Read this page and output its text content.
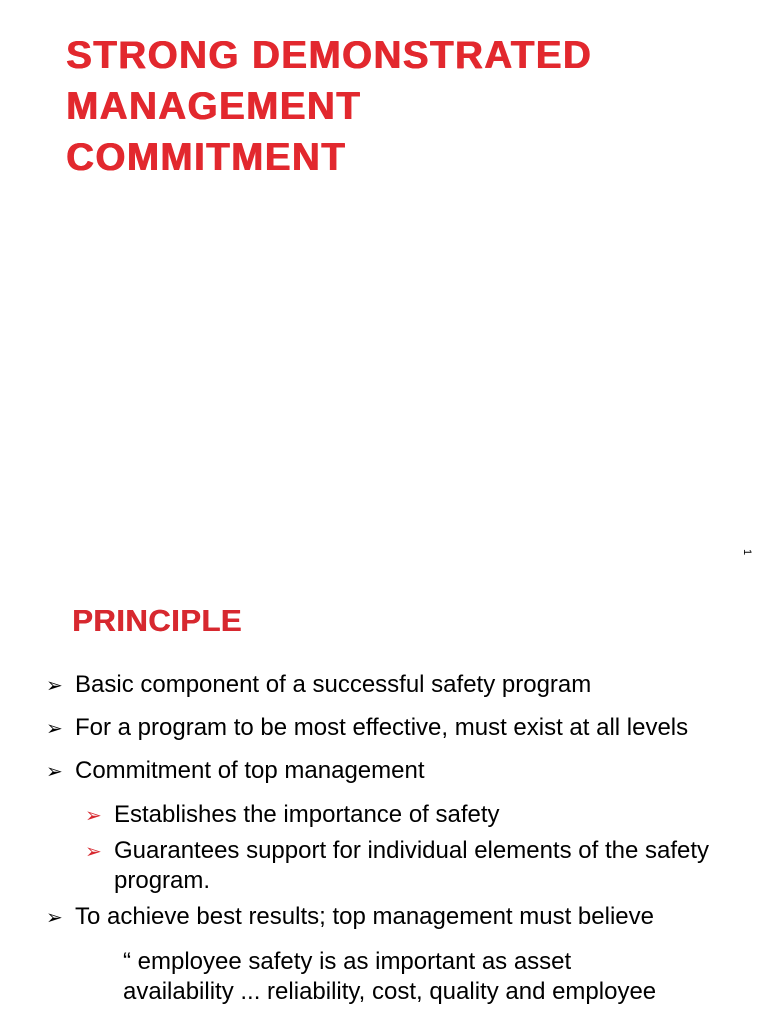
STRONG DEMONSTRATED
MANAGEMENT
COMMITMENT
1
PRINCIPLE
➢ Basic component of a successful safety program
➢ For a program to be most effective, must exist at all levels
➢ Commitment of top management
➢ Establishes the importance of safety
➢ Guarantees support for individual elements of the safety program.
➢ To achieve best results; top management must believe
“ employee safety is as important as asset availability ... reliability, cost, quality and employee
